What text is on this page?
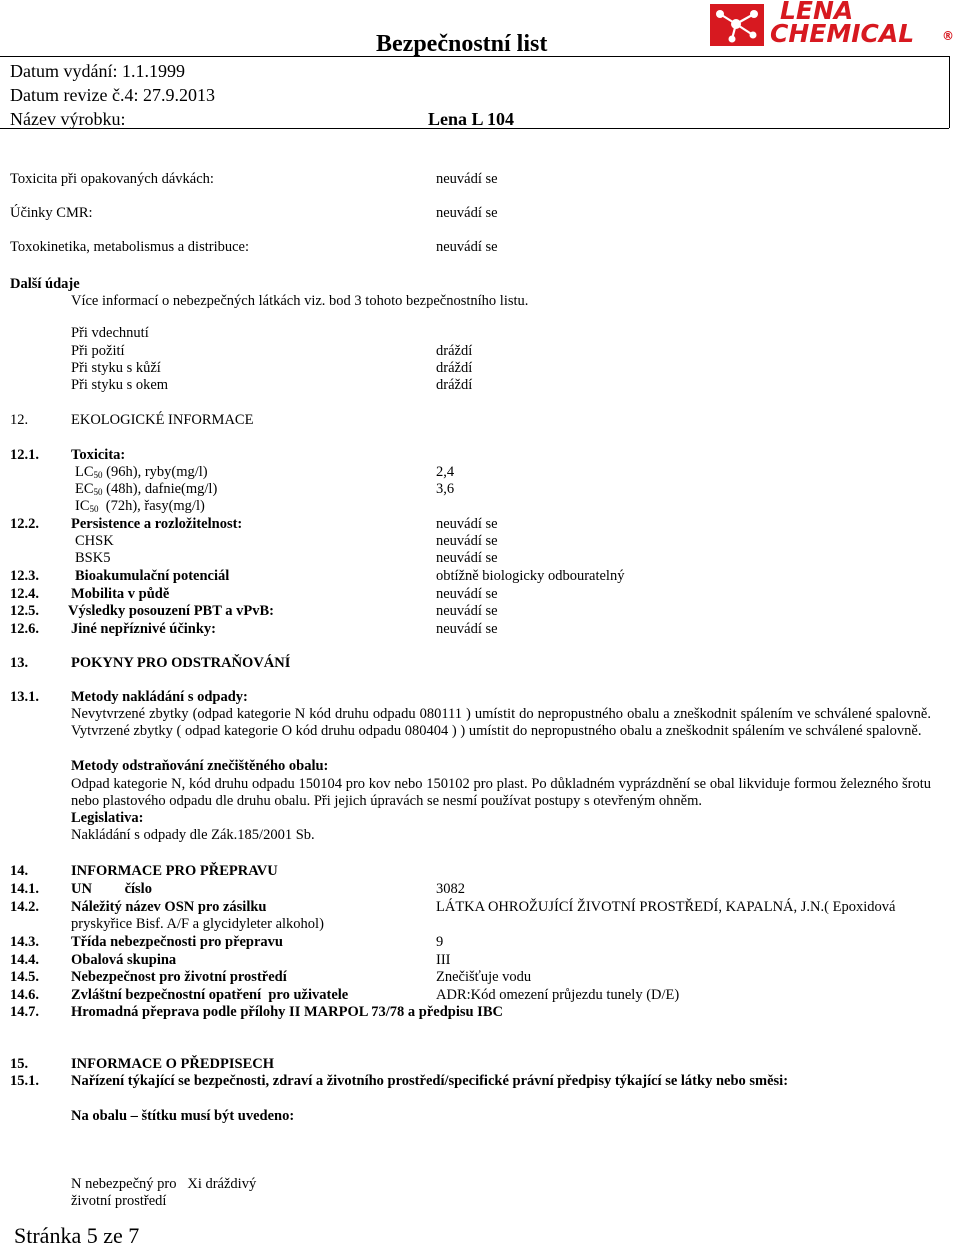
Bezpečnostní list
LENA
CHEMICAL ®
Datum vydání: 1.1.1999
Datum revize č.4: 27.9.2013
Název výrobku:	Lena L 104
Toxicita při opakovaných dávkách:	neuvádí se
Účinky CMR:	neuvádí se
Toxokinetika, metabolismus a distribuce:	neuvádí se
Další údaje
Více informací o nebezpečných látkách viz. bod 3 tohoto bezpečnostního listu.
Při vdechnutí
Při požití	dráždí
Při styku s kůží	dráždí
Při styku s okem	dráždí
12.	EKOLOGICKÉ INFORMACE
12.1. Toxicita:
$LC_{50}$ (96h), ryby(mg/l)	2,4
$EC_{50}$ (48h), dafnie(mg/l)	3,6
$IC_{50}$ (72h), řasy(mg/l)
12.2. Persistence a rozložitelnost:	neuvádí se
CHSK	neuvádí se
BSK5	neuvádí se
12.3. Bioakumulační potenciál	obtížně biologicky odbouratelný
12.4. Mobilita v půdě	neuvádí se
12.5. Výsledky posouzení PBT a vPvB:	neuvádí se
12.6. Jiné nepříznivé účinky:	neuvádí se
13.	POKYNY PRO ODSTRAŇOVÁNÍ
13.1. Metody nakládání s odpady:
Nevytvrzené zbytky (odpad kategorie N kód druhu odpadu 080111 ) umístit do nepropustného obalu a zneškodnit spálením ve schválené spalovně. Vytvrzené zbytky ( odpad kategorie O kód druhu odpadu 080404 ) ) umístit do nepropustného obalu a zneškodnit spálením ve schválené spalovně.
Metody odstraňování znečištěného obalu:
Odpad kategorie N, kód druhu odpadu 150104 pro kov nebo 150102 pro plast. Po důkladném vyprázdnění se obal likviduje formou železného šrotu nebo plastového odpadu dle druhu obalu. Při jejich úpravách se nesmí používat postupy s otevřeným ohněm.
Legislativa:
Nakládání s odpady dle Zák.185/2001 Sb.
14.	INFORMACE PRO PŘEPRAVU
14.1. UN         číslo	3082
14.2. Náležitý název OSN pro zásilku	LÁTKA OHROŽUJÍCÍ ŽIVOTNÍ PROSTŘEDÍ, KAPALNÁ, J.N.( Epoxidová
pryskyřice Bisf. A/F a glycidyleter alkohol)
14.3. Třída nebezpečnosti pro přepravu	9
14.4. Obalová skupina	III
14.5. Nebezpečnost pro životní prostředí	Znečišťuje vodu
14.6. Zvláštní bezpečnostní opatření  pro uživatele	ADR:Kód omezení průjezdu tunely (D/E)
14.7. Hromadná přeprava podle přílohy II MARPOL 73/78 a předpisu IBC
15.	INFORMACE O PŘEDPISECH
15.1. Nařízení týkající se bezpečnosti, zdraví a životního prostředí/specifické právní předpisy týkající se látky nebo směsi:
Na obalu – štítku musí být uvedeno:
N nebezpečný pro   Xi dráždivý
životní prostředí
Stránka 5 ze 7
